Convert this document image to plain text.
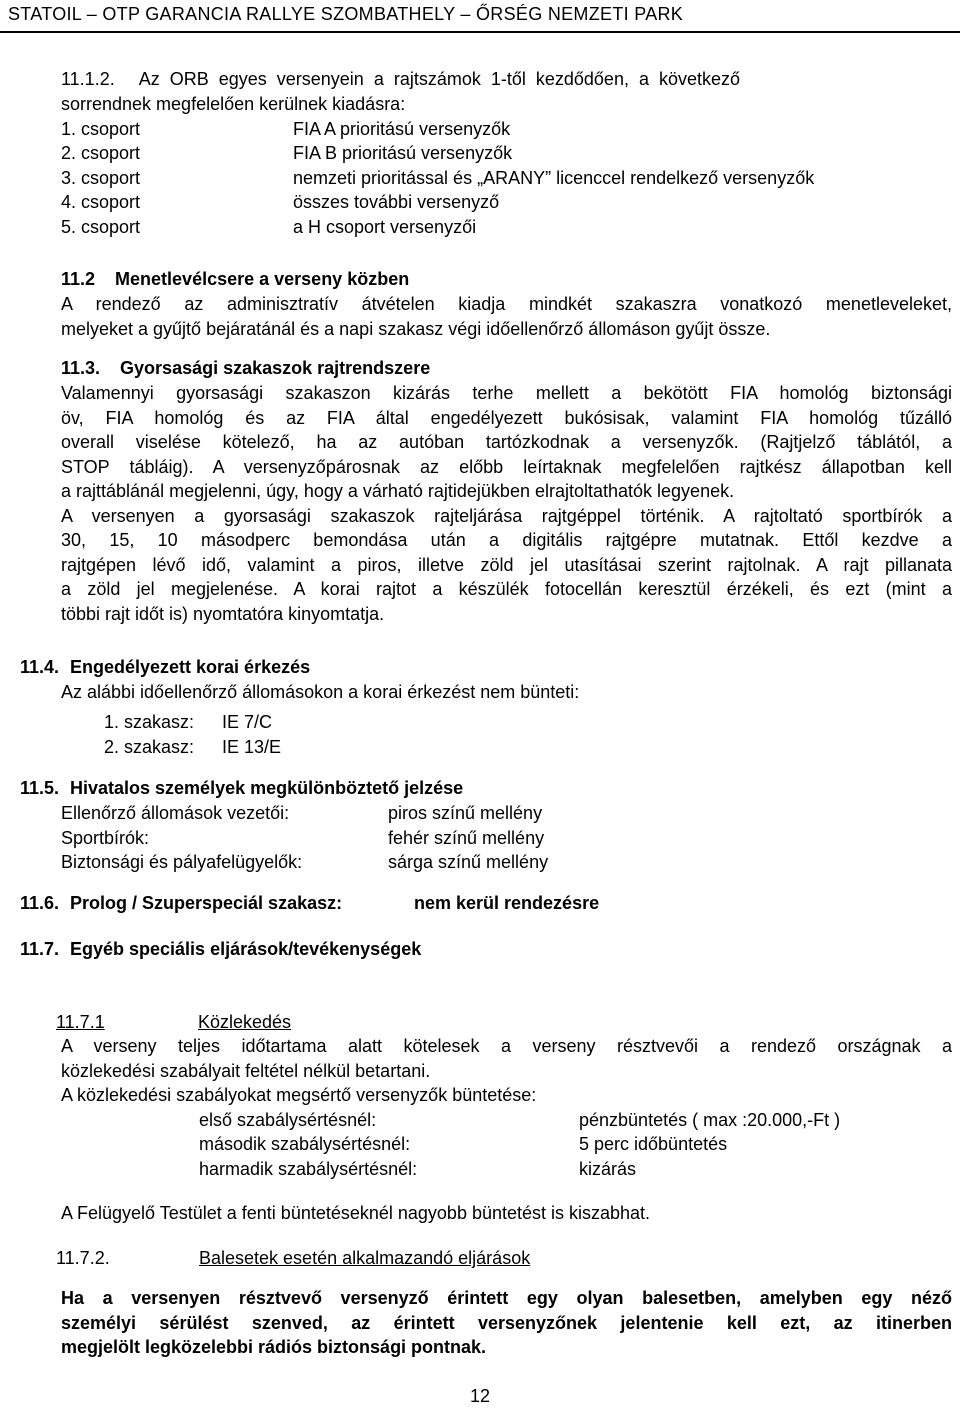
STATOIL – OTP GARANCIA RALLYE SZOMBATHELY – ŐRSÉG NEMZETI PARK
11.1.2.     Az  ORB  egyes  versenyein  a  rajtszámok  1-től  kezdődően,  a  következő
sorrendnek megfelelően kerülnek kiadásra:
1. csoport	FIA A prioritású versenyzők
2. csoport	FIA B prioritású versenyzők
3. csoport	nemzeti prioritással és „ARANY” licenccel rendelkező versenyzők
4. csoport	összes további versenyző
5. csoport	a H csoport versenyzői
11.2    Menetlevélcsere a verseny közben
A rendező az adminisztratív átvételen kiadja mindkét szakaszra vonatkozó menetleveleket,
melyeket a gyűjtő bejáratánál és a napi szakasz végi időellenőrző állomáson gyűjt össze.
11.3.    Gyorsasági szakaszok rajtrendszere
Valamennyi gyorsasági szakaszon kizárás terhe mellett a bekötött FIA homológ biztonsági
öv, FIA homológ és az FIA által engedélyezett bukósisak, valamint FIA homológ tűzálló
overall viselése kötelező, ha az autóban tartózkodnak a versenyzők. (Rajtjelző táblától, a
STOP tábláig). A versenyzőpárosnak az előbb leírtaknak megfelelően rajtkész állapotban kell
a rajttáblánál megjelenni, úgy, hogy a várható rajtidejükben elrajtoltathatók legyenek.
A versenyen a gyorsasági szakaszok rajteljárása rajtgéppel történik. A rajtoltató sportbírók a
30, 15, 10 másodperc bemondása után a digitális rajtgépre mutatnak. Ettől kezdve a
rajtgépen lévő idő, valamint a piros, illetve zöld jel utasításai szerint rajtolnak. A rajt pillanata
a zöld jel megjelenése. A korai rajtot a készülék fotocellán keresztül érzékeli, és ezt (mint a
többi rajt időt is) nyomtatóra kinyomtatja.
11.4. Engedélyezett korai érkezés
Az alábbi időellenőrző állomásokon a korai érkezést nem bünteti:
1. szakasz: IE 7/C
2. szakasz: IE 13/E
11.5. Hivatalos személyek megkülönböztető jelzése
Ellenőrző állomások vezetői:	piros színű mellény
Sportbírók:	fehér színű mellény
Biztonsági és pályafelügyelők:	sárga színű mellény
11.6. Prolog / Szuperspeciál szakasz:	nem kerül rendezésre
11.7. Egyéb speciális eljárások/tevékenységek
11.7.1	Közlekedés
A  verseny  teljes  időtartama  alatt  kötelesek  a  verseny  résztvevői  a  rendező  országnak  a
közlekedési szabályait feltétel nélkül betartani.
A közlekedési szabályokat megsértő versenyzők büntetése:
első szabálysértésnél:	pénzbüntetés ( max :20.000,-Ft )
második szabálysértésnél:	5 perc időbüntetés
harmadik szabálysértésnél:	kizárás
A Felügyelő Testület a fenti büntetéseknél nagyobb büntetést is kiszabhat.
11.7.2.	Balesetek esetén alkalmazandó eljárások
Ha a versenyen résztvevő versenyző érintett egy olyan balesetben, amelyben egy néző
személyi sérülést szenved, az érintett versenyzőnek jelentenie kell ezt, az itinerben
megjelölt legközelebbi rádiós biztonsági pontnak.
12
